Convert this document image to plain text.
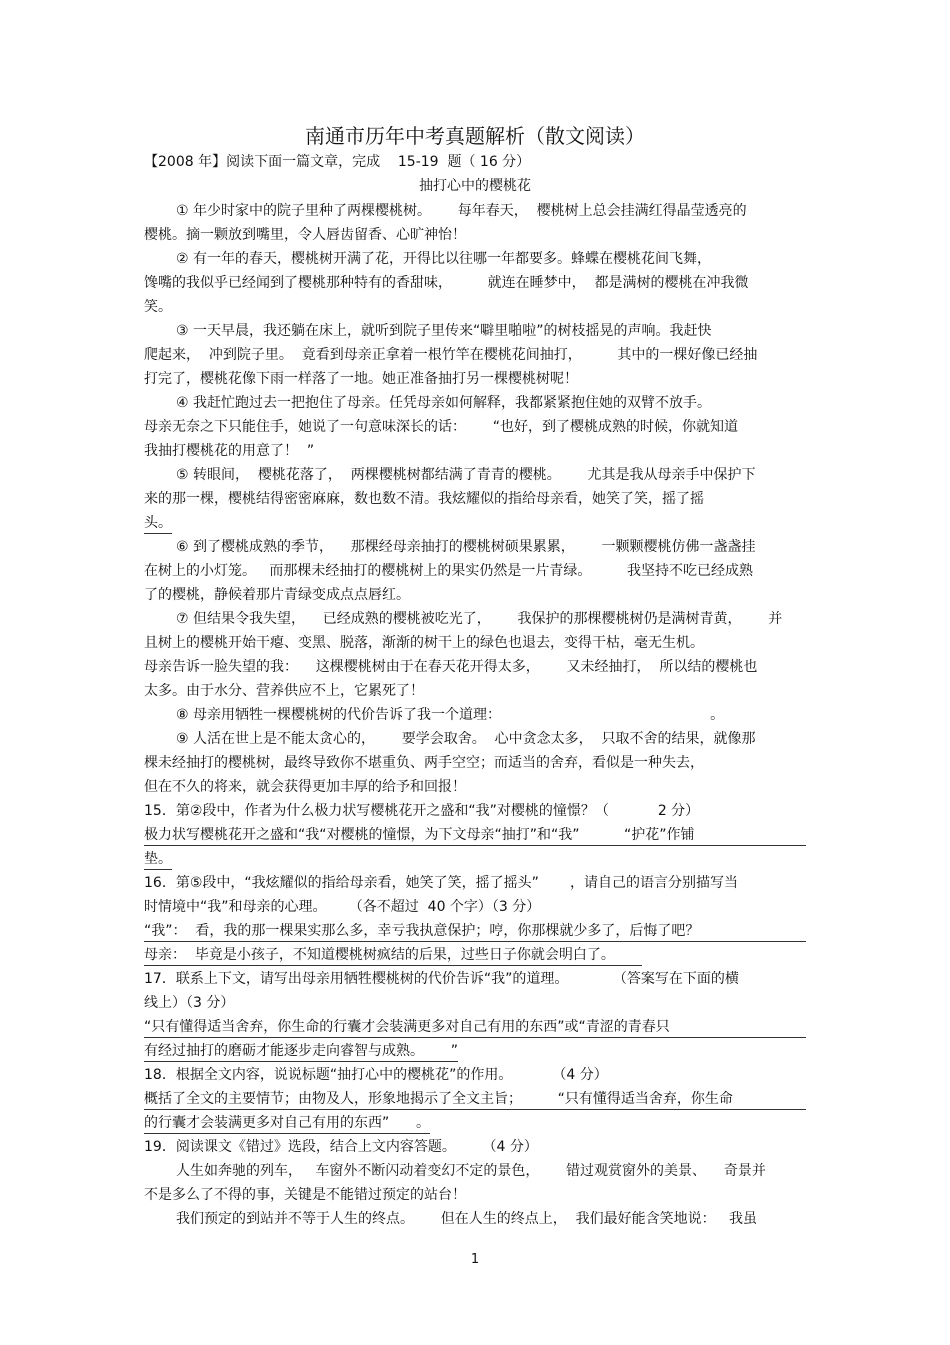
南通市历年中考真题解析（散文阅读）
【2008 年】阅读下面一篇文章，完成    15-19  题（ 16 分）
抽打心中的樱桃花
① 年少时家中的院子里种了两棵樱桃树。      每年春天，  樱桃树上总会挂满红得晶莹透亮的
樱桃。摘一颗放到嘴里，令人唇齿留香、心旷神怡！
② 有一年的春天，樱桃树开满了花，开得比以往哪一年都要多。蜂蝶在樱桃花间飞舞，
馋嘴的我似乎已经闻到了樱桃那种特有的香甜味，        就连在睡梦中，  都是满树的樱桃在冲我微
笑。
③ 一天早晨，我还躺在床上，就听到院子里传来“噼里啪啦”的树枝摇晃的声响。我赶快
爬起来，  冲到院子里。  竟看到母亲正拿着一根竹竿在樱桃花间抽打，        其中的一棵好像已经抽
打完了，樱桃花像下雨一样落了一地。她正准备抽打另一棵樱桃树呢！
④ 我赶忙跑过去一把抱住了母亲。任凭母亲如何解释，我都紧紧抱住她的双臂不放手。
母亲无奈之下只能住手，她说了一句意味深长的话：      “也好，到了樱桃成熟的时候，你就知道
我抽打樱桃花的用意了！  ”
⑤ 转眼间，  樱桃花落了，  两棵樱桃树都结满了青青的樱桃。      尤其是我从母亲手中保护下
来的那一棵，樱桃结得密密麻麻，数也数不清。我炫耀似的指给母亲看，她笑了笑，摇了摇
头。
⑥ 到了樱桃成熟的季节，    那棵经母亲抽打的樱桃树硕果累累，      一颗颗樱桃仿佛一盏盏挂
在树上的小灯笼。   而那棵未经抽打的樱桃树上的果实仍然是一片青绿。        我坚持不吃已经成熟
了的樱桃，静候着那片青绿变成点点唇红。
⑦ 但结果令我失望，    已经成熟的樱桃被吃光了，      我保护的那棵樱桃树仍是满树青黄，      并
且树上的樱桃开始干瘪、变黑、脱落，渐渐的树干上的绿色也退去，变得干枯，毫无生机。
母亲告诉一脸失望的我：    这棵樱桃树由于在春天花开得太多，      又未经抽打，  所以结的樱桃也
太多。由于水分、营养供应不上，它累死了！
⑧ 母亲用牺牲一棵樱桃树的代价告诉了我一个道理：                                               。
⑨ 人活在世上是不能太贪心的，      要学会取舍。  心中贪念太多，  只取不舍的结果，就像那
棵未经抽打的樱桃树，最终导致你不堪重负、两手空空；而适当的舍弃，看似是一种失去，
但在不久的将来，就会获得更加丰厚的给予和回报！
15．第②段中，作者为什么极力状写樱桃花开之盛和“我”对樱桃的憧憬？（           2 分）
极力状写樱桃花开之盛和“我“对樱桃的憧憬，为下文母亲“抽打”和“我”          “护花”作铺
垫。
16．第⑤段中，“我炫耀似的指给母亲看，她笑了笑，摇了摇头”       ，请自己的语言分别描写当
时情境中“我”和母亲的心理。     （各不超过  40 个字）（3 分）
“我”：  看，我的那一棵果实那么多，幸亏我执意保护；哼，你那棵就少多了，后悔了吧？
母亲：  毕竟是小孩子，不知道樱桃树疯结的后果，过些日子你就会明白了。
17．联系上下文，请写出母亲用牺牲樱桃树的代价告诉“我”的道理。          （答案写在下面的横
线上）（3 分）
“只有懂得适当舍弃，你生命的行囊才会装满更多对自己有用的东西”或“青涩的青春只
有经过抽打的磨砺才能逐步走向睿智与成熟。      ”
18．根据全文内容，说说标题“抽打心中的樱桃花”的作用。         （4 分）
概括了全文的主要情节；由物及人，形象地揭示了全文主旨；        “只有懂得适当舍弃，你生命
的行囊才会装满更多对自己有用的东西”      。
19．阅读课文《错过》选段，结合上文内容答题。      （4 分）
人生如奔驰的列车，   车窗外不断闪动着变幻不定的景色，      错过观赏窗外的美景、    奇景并
不是多么了不得的事，关键是不能错过预定的站台！
我们预定的到站并不等于人生的终点。      但在人生的终点上，  我们最好能含笑地说：   我虽
1
